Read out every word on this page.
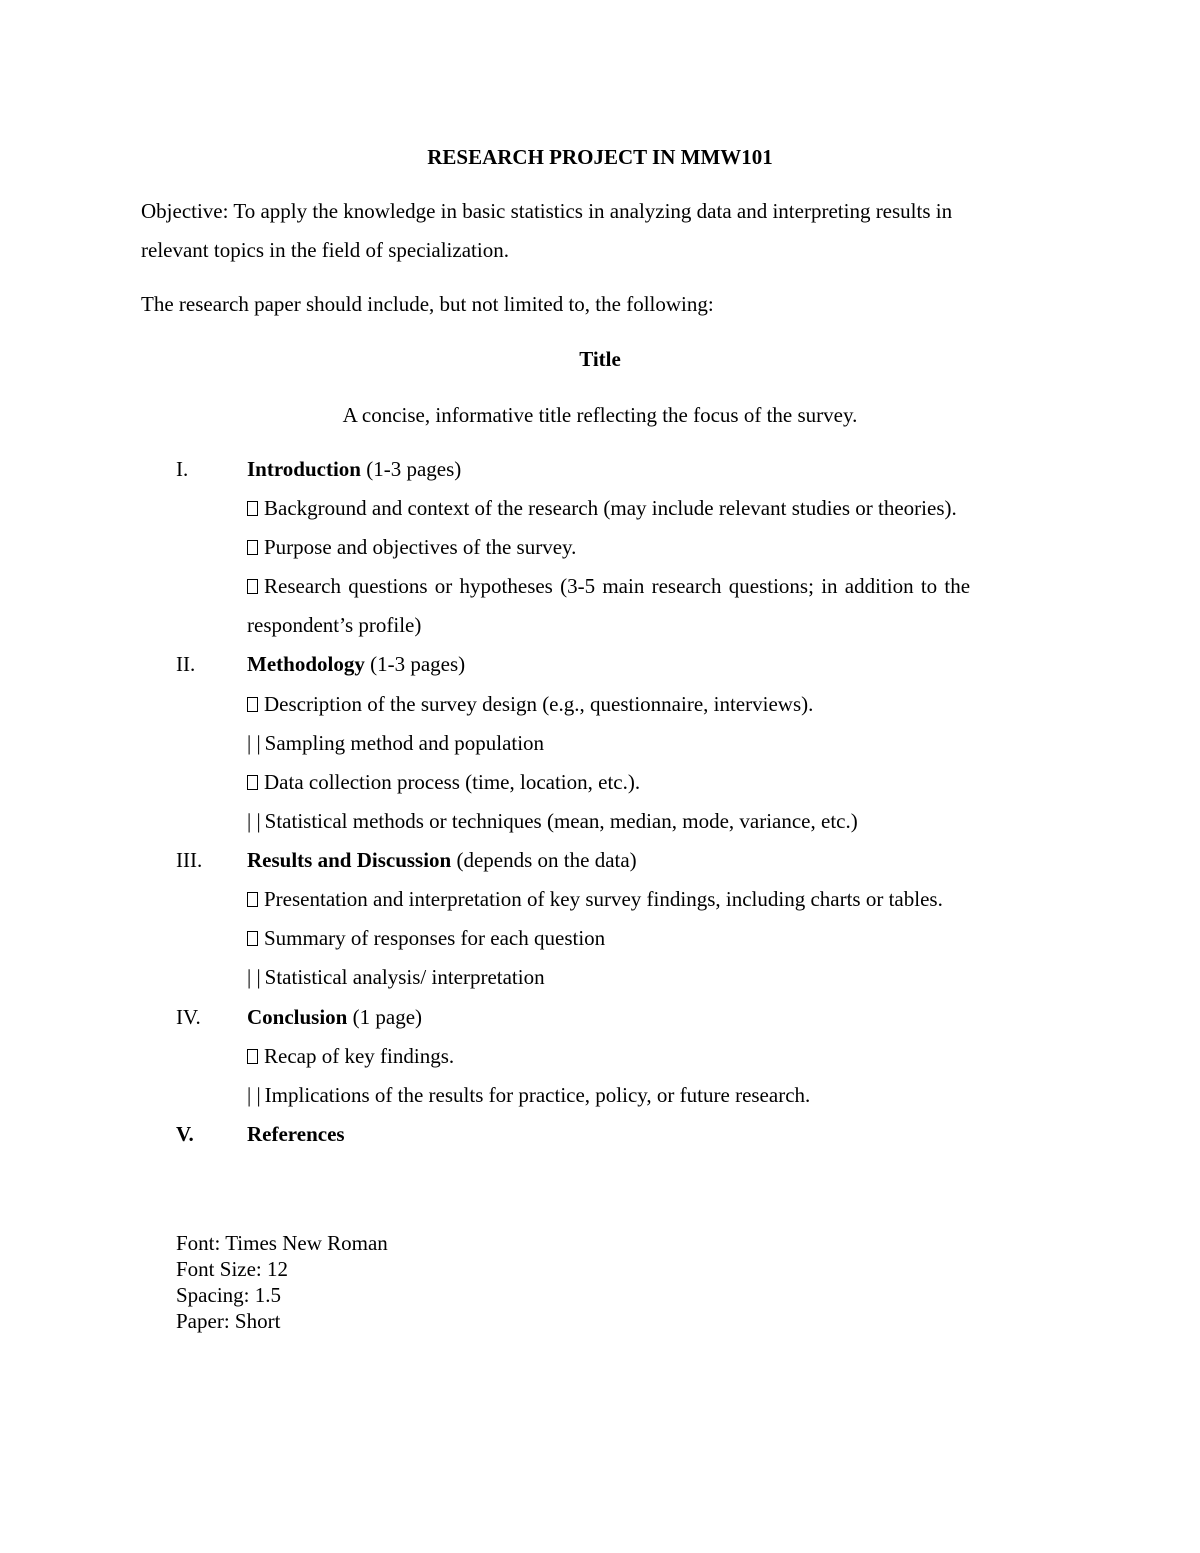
RESEARCH PROJECT IN MMW101
Objective: To apply the knowledge in basic statistics in analyzing data and interpreting results in
relevant topics in the field of specialization.
The research paper should include, but not limited to, the following:
Title
A concise, informative title reflecting the focus of the survey.
I.	Introduction (1-3 pages)
Background and context of the research (may include relevant studies or theories).
Purpose and objectives of the survey.
Research questions or hypotheses (3-5 main research questions; in addition to the
respondent’s profile)
II. Methodology (1-3 pages)
Description of the survey design (e.g., questionnaire, interviews).
| | Sampling method and population
Data collection process (time, location, etc.).
| | Statistical methods or techniques (mean, median, mode, variance, etc.)
III. Results and Discussion (depends on the data)
Presentation and interpretation of key survey findings, including charts or tables.
Summary of responses for each question
| | Statistical analysis/ interpretation
IV. Conclusion (1 page)
Recap of key findings.
| | Implications of the results for practice, policy, or future research.
V.	References
Font: Times New Roman
Font Size: 12
Spacing: 1.5
Paper: Short
